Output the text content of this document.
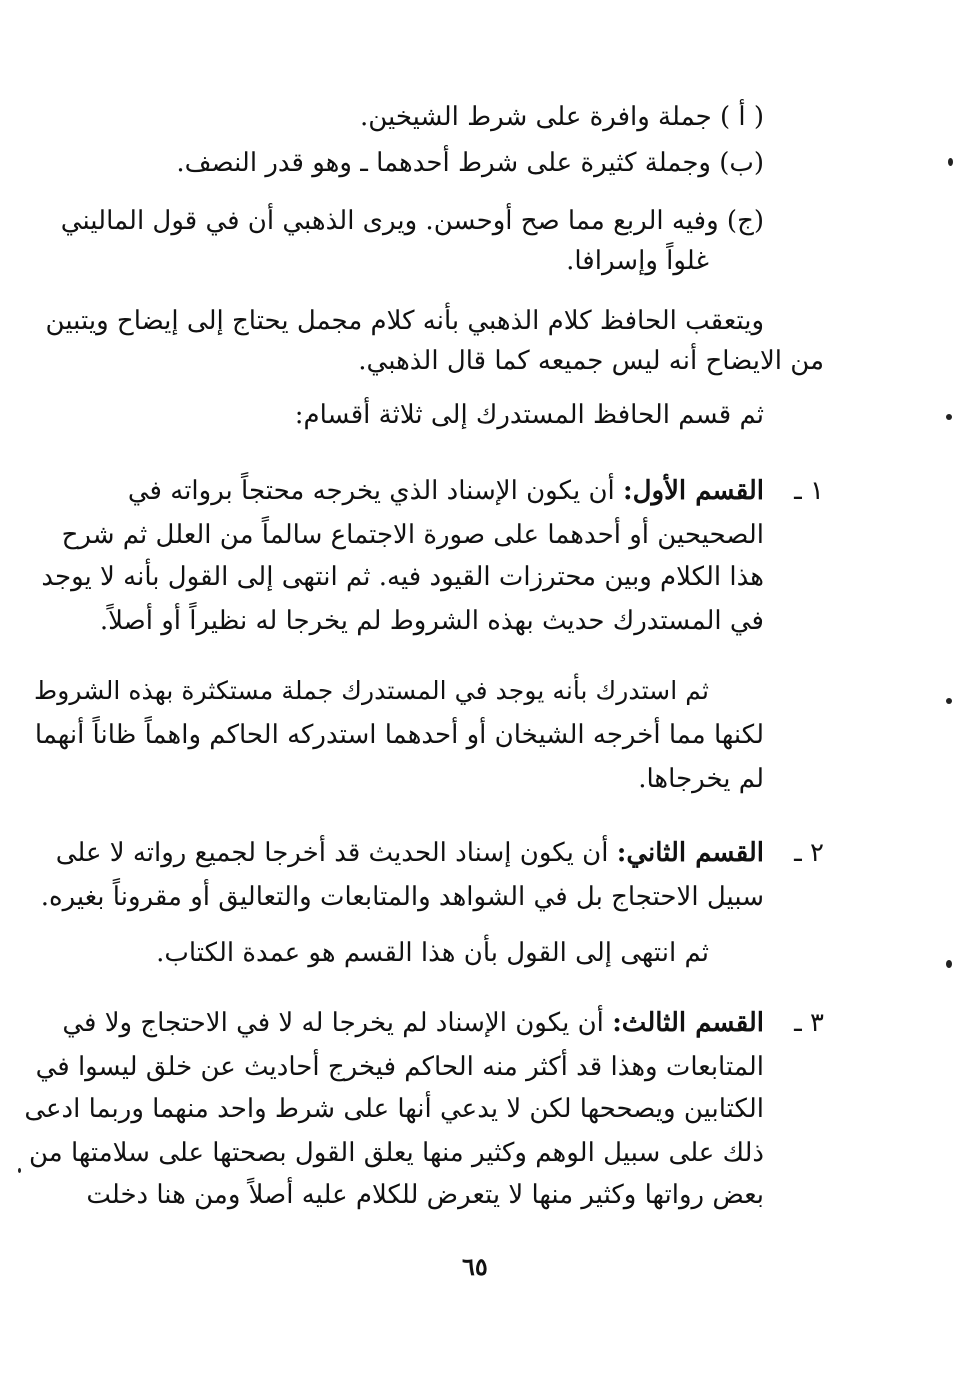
( أ ) جملة وافرة على شرط الشيخين.
(ب) وجملة كثيرة على شرط أحدهما ـ وهو قدر النصف.
(ج) وفيه الربع مما صح أوحسن. ويرى الذهبي أن في قول الماليني
غلواً وإسرافا.
ويتعقب الحافظ كلام الذهبي بأنه كلام مجمل يحتاج إلى إيضاح ويتبين
من الايضاح أنه ليس جميعه كما قال الذهبي.
ثم قسم الحافظ المستدرك إلى ثلاثة أقسام:
١ ـ
القسم الأول: أن يكون الإسناد الذي يخرجه محتجاً برواته في
الصحيحين أو أحدهما على صورة الاجتماع سالماً من العلل ثم شرح
هذا الكلام وبين محترزات القيود فيه. ثم انتهى إلى القول بأنه لا يوجد
في المستدرك حديث بهذه الشروط لم يخرجا له نظيراً أو أصلاً.
ثم استدرك بأنه يوجد في المستدرك جملة مستكثرة بهذه الشروط
لكنها مما أخرجه الشيخان أو أحدهما استدركه الحاكم واهماً ظاناً أنهما
لم يخرجاها.
٢ ـ
القسم الثاني: أن يكون إسناد الحديث قد أخرجا لجميع رواته لا على
سبيل الاحتجاج بل في الشواهد والمتابعات والتعاليق أو مقروناً بغيره.
ثم انتهى إلى القول بأن هذا القسم هو عمدة الكتاب.
٣ ـ
القسم الثالث: أن يكون الإسناد لم يخرجا له لا في الاحتجاج ولا في
المتابعات وهذا قد أكثر منه الحاكم فيخرج أحاديث عن خلق ليسوا في
الكتابين ويصححها لكن لا يدعي أنها على شرط واحد منهما وربما ادعى
ذلك على سبيل الوهم وكثير منها يعلق القول بصحتها على سلامتها من
بعض رواتها وكثير منها لا يتعرض للكلام عليه أصلاً ومن هنا دخلت
٦٥
